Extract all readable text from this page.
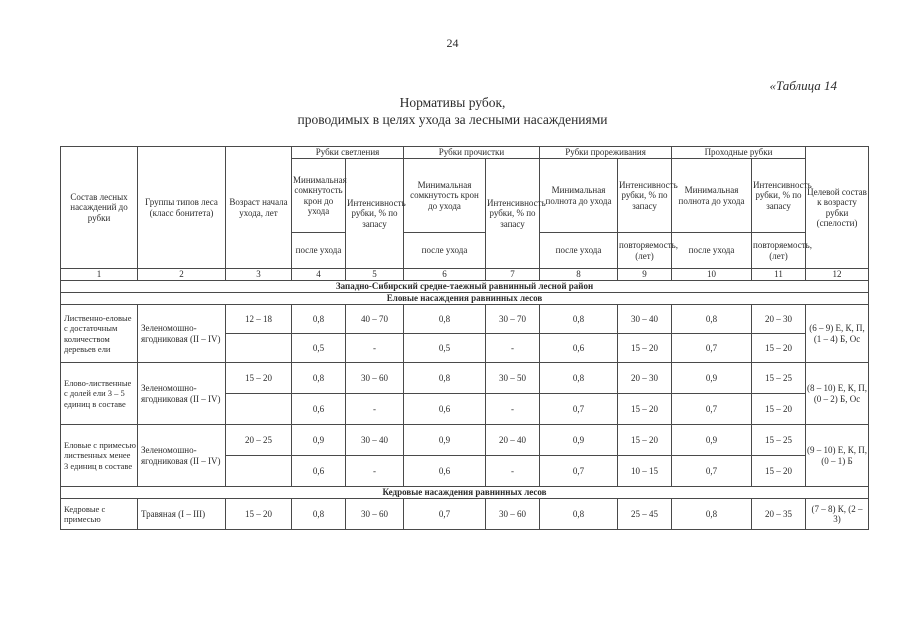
24
«Таблица 14
Нормативы рубок,
проводимых в целях ухода за лесными насаждениями
Состав лесных насаждений до рубки	Группы типов леса (класс бонитета)	Возраст начала ухода, лет	Рубки светления		Рубки прочистки		Рубки прореживания		Проходные рубки		Целевой состав к возрасту рубки (спелости)
			Минимальная сомкнутость крон до ухода	Интенсивность рубки, % по запасу	Минимальная сомкнутость крон до ухода	Интенсивность рубки, % по запасу	Минимальная полнота до ухода	Интенсивность рубки, % по запасу	Минимальная полнота до ухода	Интенсивность рубки, % по запасу	
			после ухода		после ухода		после ухода	повторяемость, (лет)	после ухода	повторяемость, (лет)	
1	2	3	4	5	6	7	8	9	10	11	12
Западно-Сибирский средне-таежный равнинный лесной район											
Еловые насаждения равнинных лесов											
Лиственно-еловые с достаточным количеством деревьев ели	Зеленомошно-ягодниковая (II – IV)	12 – 18	0,8	40 – 70	0,8	30 – 70	0,8	30 – 40	0,8	20 – 30	(6 – 9) Е, К, П, (1 – 4) Б, Ос
			0,5	-	0,5	-	0,6	15 – 20	0,7	15 – 20	
Елово-лиственные с долей ели 3 – 5 единиц в составе	Зеленомошно-ягодниковая (II – IV)	15 – 20	0,8	30 – 60	0,8	30 – 50	0,8	20 – 30	0,9	15 – 25	(8 – 10) Е, К, П, (0 – 2) Б, Ос
			0,6	-	0,6	-	0,7	15 – 20	0,7	15 – 20	
Еловые с примесью лиственных менее 3 единиц в составе	Зеленомошно-ягодниковая (II – IV)	20 – 25	0,9	30 – 40	0,9	20 – 40	0,9	15 – 20	0,9	15 – 25	(9 – 10) Е, К, П, (0 – 1) Б
			0,6	-	0,6	-	0,7	10 – 15	0,7	15 – 20	
Кедровые насаждения равнинных лесов											
Кедровые с примесью	Травяная (I – III)	15 – 20	0,8	30 – 60	0,7	30 – 60	0,8	25 – 45	0,8	20 – 35	(7 – 8) К, (2 – 3)
